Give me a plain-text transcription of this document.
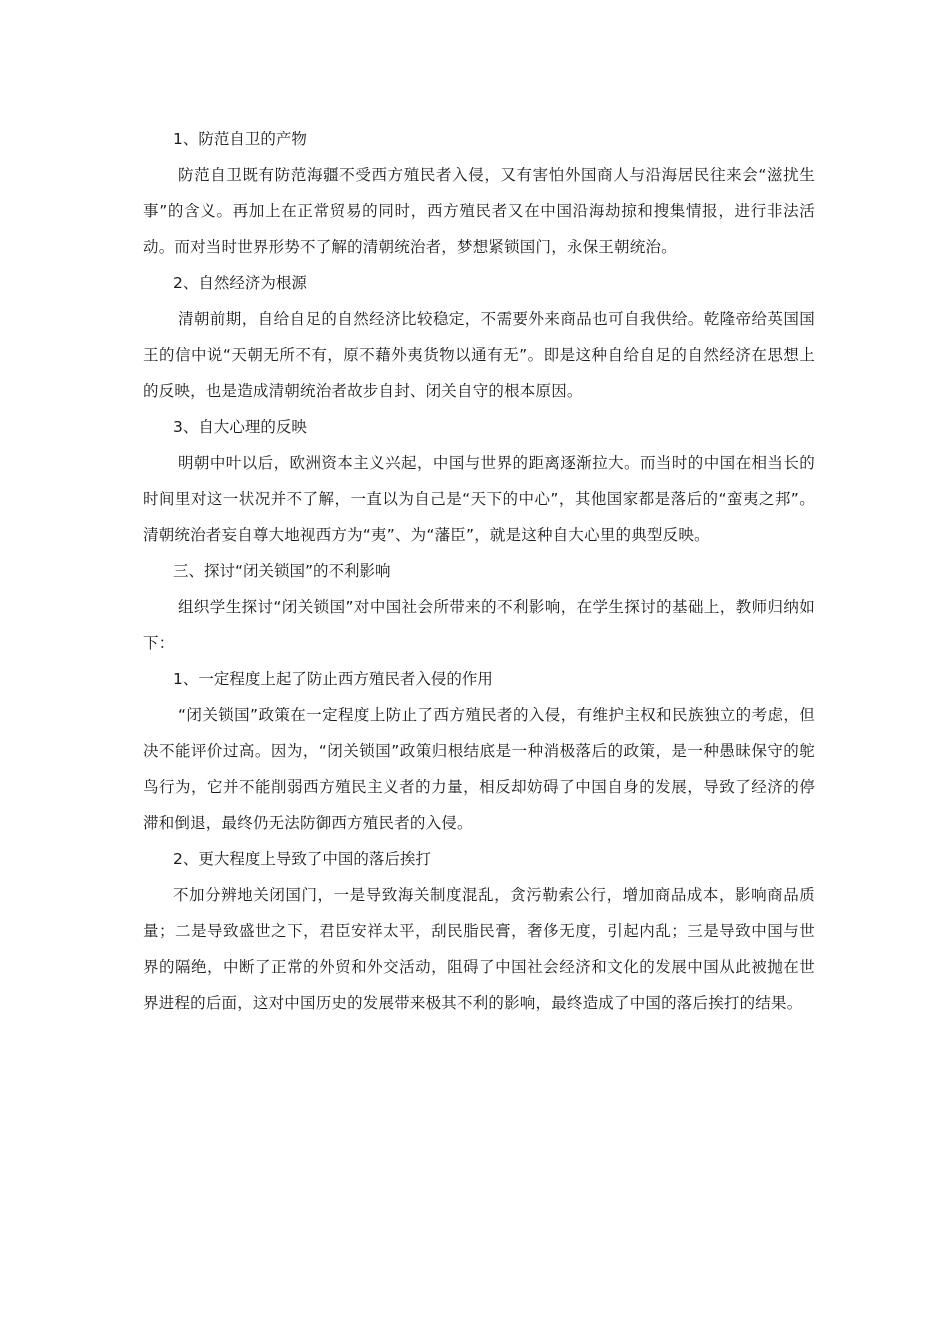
1、防范自卫的产物

防范自卫既有防范海疆不受西方殖民者入侵，又有害怕外国商人与沿海居民往来会“滋扰生事”的含义。再加上在正常贸易的同时，西方殖民者又在中国沿海劫掠和搜集情报，进行非法活动。而对当时世界形势不了解的清朝统治者，梦想紧锁国门，永保王朝统治。

2、自然经济为根源

清朝前期，自给自足的自然经济比较稳定，不需要外来商品也可自我供给。乾隆帝给英国国王的信中说“天朝无所不有，原不藉外夷货物以通有无”。即是这种自给自足的自然经济在思想上的反映，也是造成清朝统治者故步自封、闭关自守的根本原因。

3、自大心理的反映

明朝中叶以后，欧洲资本主义兴起，中国与世界的距离逐渐拉大。而当时的中国在相当长的时间里对这一状况并不了解，一直以为自己是“天下的中心”，其他国家都是落后的“蛮夷之邦”。清朝统治者妄自尊大地视西方为“夷”、为“藩臣”，就是这种自大心里的典型反映。

三、探讨“闭关锁国”的不利影响

组织学生探讨“闭关锁国”对中国社会所带来的不利影响，在学生探讨的基础上，教师归纳如下：

1、一定程度上起了防止西方殖民者入侵的作用

“闭关锁国”政策在一定程度上防止了西方殖民者的入侵，有维护主权和民族独立的考虑，但决不能评价过高。因为，“闭关锁国”政策归根结底是一种消极落后的政策，是一种愚昧保守的鸵鸟行为，它并不能削弱西方殖民主义者的力量，相反却妨碍了中国自身的发展，导致了经济的停滞和倒退，最终仍无法防御西方殖民者的入侵。

2、更大程度上导致了中国的落后挨打

不加分辨地关闭国门，一是导致海关制度混乱，贪污勒索公行，增加商品成本，影响商品质量；二是导致盛世之下，君臣安祥太平，刮民脂民膏，奢侈无度，引起内乱；三是导致中国与世界的隔绝，中断了正常的外贸和外交活动，阻碍了中国社会经济和文化的发展中国从此被抛在世界进程的后面，这对中国历史的发展带来极其不利的影响，最终造成了中国的落后挨打的结果。
